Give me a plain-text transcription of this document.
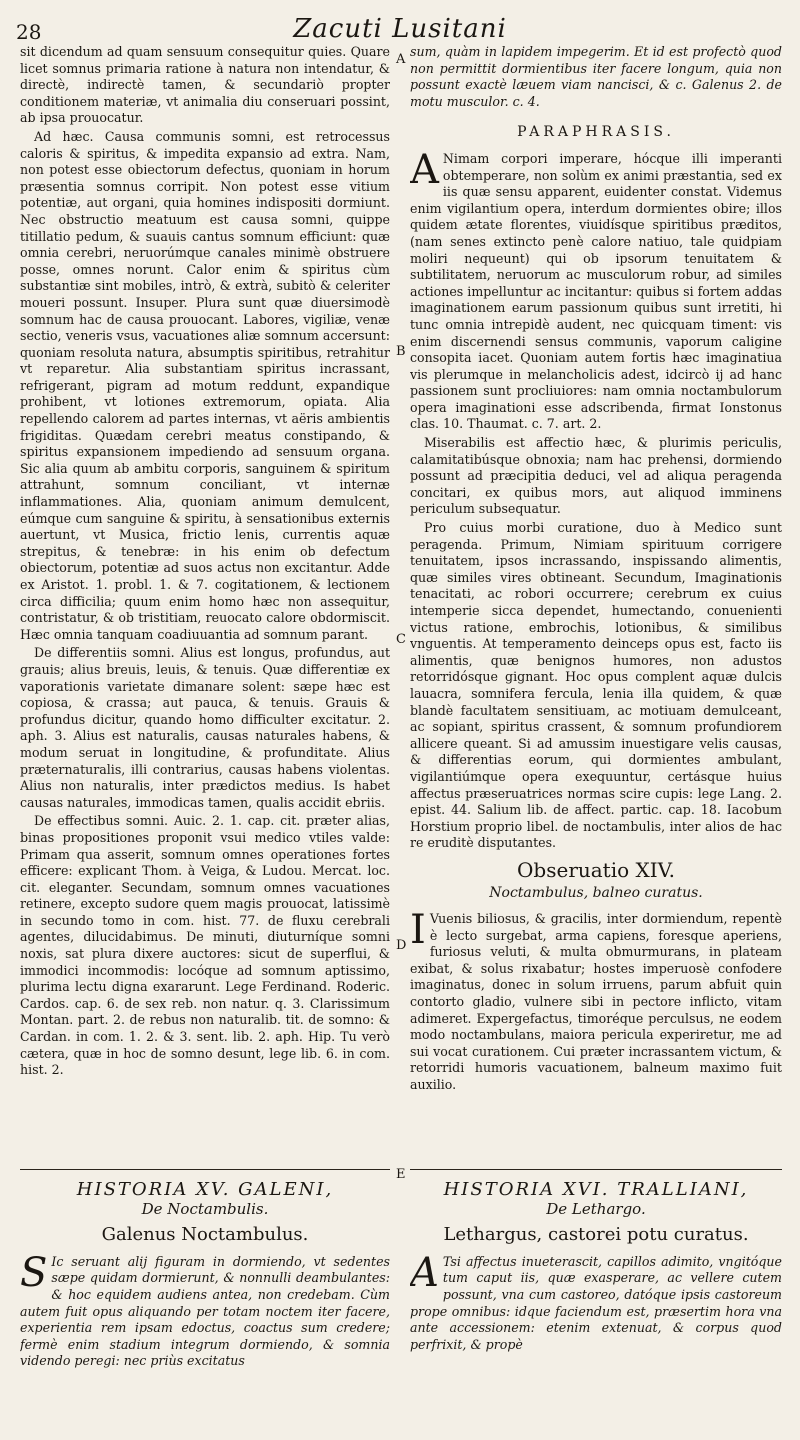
28	Zacuti Lusitani
A
B
C
D
E

sit dicendum ad quam sensuum consequitur quies. Quare licet somnus primaria ratione à natura non intendatur, & directè, indirectè tamen, & secundariò propter conditionem materiæ, vt animalia diu conseruari possint, ab ipsa prouocatur.

Ad hæc. Causa communis somni, est retrocessus caloris & spiritus, & impedita expansio ad extra. Nam, non potest esse obiectorum defectus, quoniam in horum præsentia somnus corripit. Non potest esse vitium potentiæ, aut organi, quia homines indispositi dormiunt. Nec obstructio meatuum est causa somni, quippe titillatio pedum, & suauis cantus somnum efficiunt: quæ omnia cerebri, neruorúmque canales minimè obstruere posse, omnes norunt. Calor enim & spiritus cùm substantiæ sint mobiles, intrò, & extrà, subitò & celeriter moueri possunt. Insuper. Plura sunt quæ diuersimodè somnum hac de causa prouocant. Labores, vigiliæ, venæ sectio, veneris vsus, vacuationes aliæ somnum accersunt: quoniam resoluta natura, absumptis spiritibus, retrahitur vt reparetur. Alia substantiam spiritus incrassant, refrigerant, pigram ad motum reddunt, expandique prohibent, vt lotiones extremorum, opiata. Alia repellendo calorem ad partes internas, vt aëris ambientis frigiditas. Quædam cerebri meatus constipando, & spiritus expansionem impediendo ad sensuum organa. Sic alia quum ab ambitu corporis, sanguinem & spiritum attrahunt, somnum conciliant, vt internæ inflammationes. Alia, quoniam animum demulcent, eúmque cum sanguine & spiritu, à sensationibus externis auertunt, vt Musica, frictio lenis, currentis aquæ strepitus, & tenebræ: in his enim ob defectum obiectorum, potentiæ ad suos actus non excitantur. Adde ex Aristot. 1. probl. 1. & 7. cogitationem, & lectionem circa difficilia; quum enim homo hæc non assequitur, contristatur, & ob tristitiam, reuocato calore obdormiscit. Hæc omnia tanquam coadiuuantia ad somnum parant.

De differentiis somni. Alius est longus, profundus, aut grauis; alius breuis, leuis, & tenuis. Quæ differentiæ ex vaporationis varietate dimanare solent: sæpe hæc est copiosa, & crassa; aut pauca, & tenuis. Grauis & profundus dicitur, quando homo difficulter excitatur. 2. aph. 3. Alius est naturalis, causas naturales habens, & modum seruat in longitudine, & profunditate. Alius præternaturalis, illi contrarius, causas habens violentas. Alius non naturalis, inter prædictos medius. Is habet causas naturales, immodicas tamen, qualis accidit ebriis.

De effectibus somni. Auic. 2. 1. cap. cit. præter alias, binas propositiones proponit vsui medico vtiles valde: Primam qua asserit, somnum omnes operationes fortes efficere: explicant Thom. à Veiga, & Ludou. Mercat. loc. cit. eleganter. Secundam, somnum omnes vacuationes retinere, excepto sudore quem magis prouocat, latissimè in secundo tomo in com. hist. 77. de fluxu cerebrali agentes, dilucidabimus. De minuti, diuturníque somni noxis, sat plura dixere auctores: sicut de superflui, & immodici incommodis: locóque ad somnum aptissimo, plurima lectu digna exararunt. Lege Ferdinand. Roderic. Cardos. cap. 6. de sex reb. non natur. q. 3. Clarissimum Montan. part. 2. de rebus non naturalib. tit. de somno: & Cardan. in com. 1. 2. & 3. sent. lib. 2. aph. Hip. Tu verò cætera, quæ in hoc de somno desunt, lege lib. 6. in com. hist. 2.

sum, quàm in lapidem impegerim. Et id est profectò quod non permittit dormientibus iter facere longum, quia non possunt exactè læuem viam nancisci, & c. Galenus 2. de motu musculor. c. 4.

PARAPHRASIS.

A Nimam corpori imperare, hócque illi imperanti obtemperare, non solùm ex animi præstantia, sed ex iis quæ sensu apparent, euidenter constat. Videmus enim vigilantium opera, interdum dormientes obire; illos quidem ætate florentes, viuidísque spiritibus præditos, (nam senes extincto penè calore natiuo, tale quidpiam moliri nequeunt) qui ob ipsorum tenuitatem & subtilitatem, neruorum ac musculorum robur, ad similes actiones impelluntur ac incitantur: quibus si fortem addas imaginationem earum passionum quibus sunt irretiti, hi tunc omnia intrepidè audent, nec quicquam timent: vis enim discernendi sensus communis, vaporum caligine consopita iacet. Quoniam autem fortis hæc imaginatiua vis plerumque in melancholicis adest, idcircò ij ad hanc passionem sunt procliuiores: nam omnia noctambulorum opera imaginationi esse adscribenda, firmat Ionstonus clas. 10. Thaumat. c. 7. art. 2.

Miserabilis est affectio hæc, & plurimis periculis, calamitatibúsque obnoxia; nam hac prehensi, dormiendo possunt ad præcipitia deduci, vel ad aliqua peragenda concitari, ex quibus mors, aut aliquod imminens periculum subsequatur.

Pro cuius morbi curatione, duo à Medico sunt peragenda. Primum, Nimiam spirituum corrigere tenuitatem, ipsos incrassando, inspissando alimentis, quæ similes vires obtineant. Secundum, Imaginationis tenacitati, ac robori occurrere; cerebrum ex cuius intemperie sicca dependet, humectando, conuenienti victus ratione, embrochis, lotionibus, & similibus vnguentis. At temperamento deinceps opus est, facto iis alimentis, quæ benignos humores, non adustos retorridósque gignant. Hoc opus complent aquæ dulcis lauacra, somnifera fercula, lenia illa quidem, & quæ blandè facultatem sensitiuam, ac motiuam demulceant, ac sopiant, spiritus crassent, & somnum profundiorem allicere queant. Si ad amussim inuestigare velis causas, & differentias eorum, qui dormientes ambulant, vigilantiúmque opera exequuntur, certásque huius affectus præseruatrices normas scire cupis: lege Lang. 2. epist. 44. Salium lib. de affect. partic. cap. 18. Iacobum Horstium proprio libel. de noctambulis, inter alios de hac re eruditè disputantes.

Obseruatio XIV.
Noctambulus, balneo curatus.

I Vuenis biliosus, & gracilis, inter dormiendum, repentè è lecto surgebat, arma capiens, foresque aperiens, furiosus veluti, & multa obmurmurans, in plateam exibat, & solus rixabatur; hostes imperuosè confodere imaginatus, donec in solum irruens, parum abfuit quin contorto gladio, vulnere sibi in pectore inflicto, vitam adimeret. Expergefactus, timoréque perculsus, ne eodem modo noctambulans, maiora pericula experiretur, me ad sui vocat curationem. Cui præter incrassantem victum, & retorridi humoris vacuationem, balneum maximo fuit auxilio.

HISTORIA XV. GALENI,
De Noctambulis.
Galenus Noctambulus.

S Ic seruant alij figuram in dormiendo, vt sedentes sæpe quidam dormierunt, & nonnulli deambulantes: & hoc equidem audiens antea, non credebam. Cùm autem fuit opus aliquando per totam noctem iter facere, experientia rem ipsam edoctus, coactus sum credere; fermè enim stadium integrum dormiendo, & somnia videndo peregi: nec priùs excitatus

HISTORIA XVI. TRALLIANI,
De Lethargo.
Lethargus, castorei potu curatus.

A Tsi affectus inueterascit, capillos adimito, vngitóque tum caput iis, quæ exasperare, ac vellere cutem possunt, vna cum castoreo, datóque ipsis castoreum prope omnibus: idque faciendum est, præsertim hora vna ante accessionem: etenim extenuat, & corpus quod perfrixit, & propè
